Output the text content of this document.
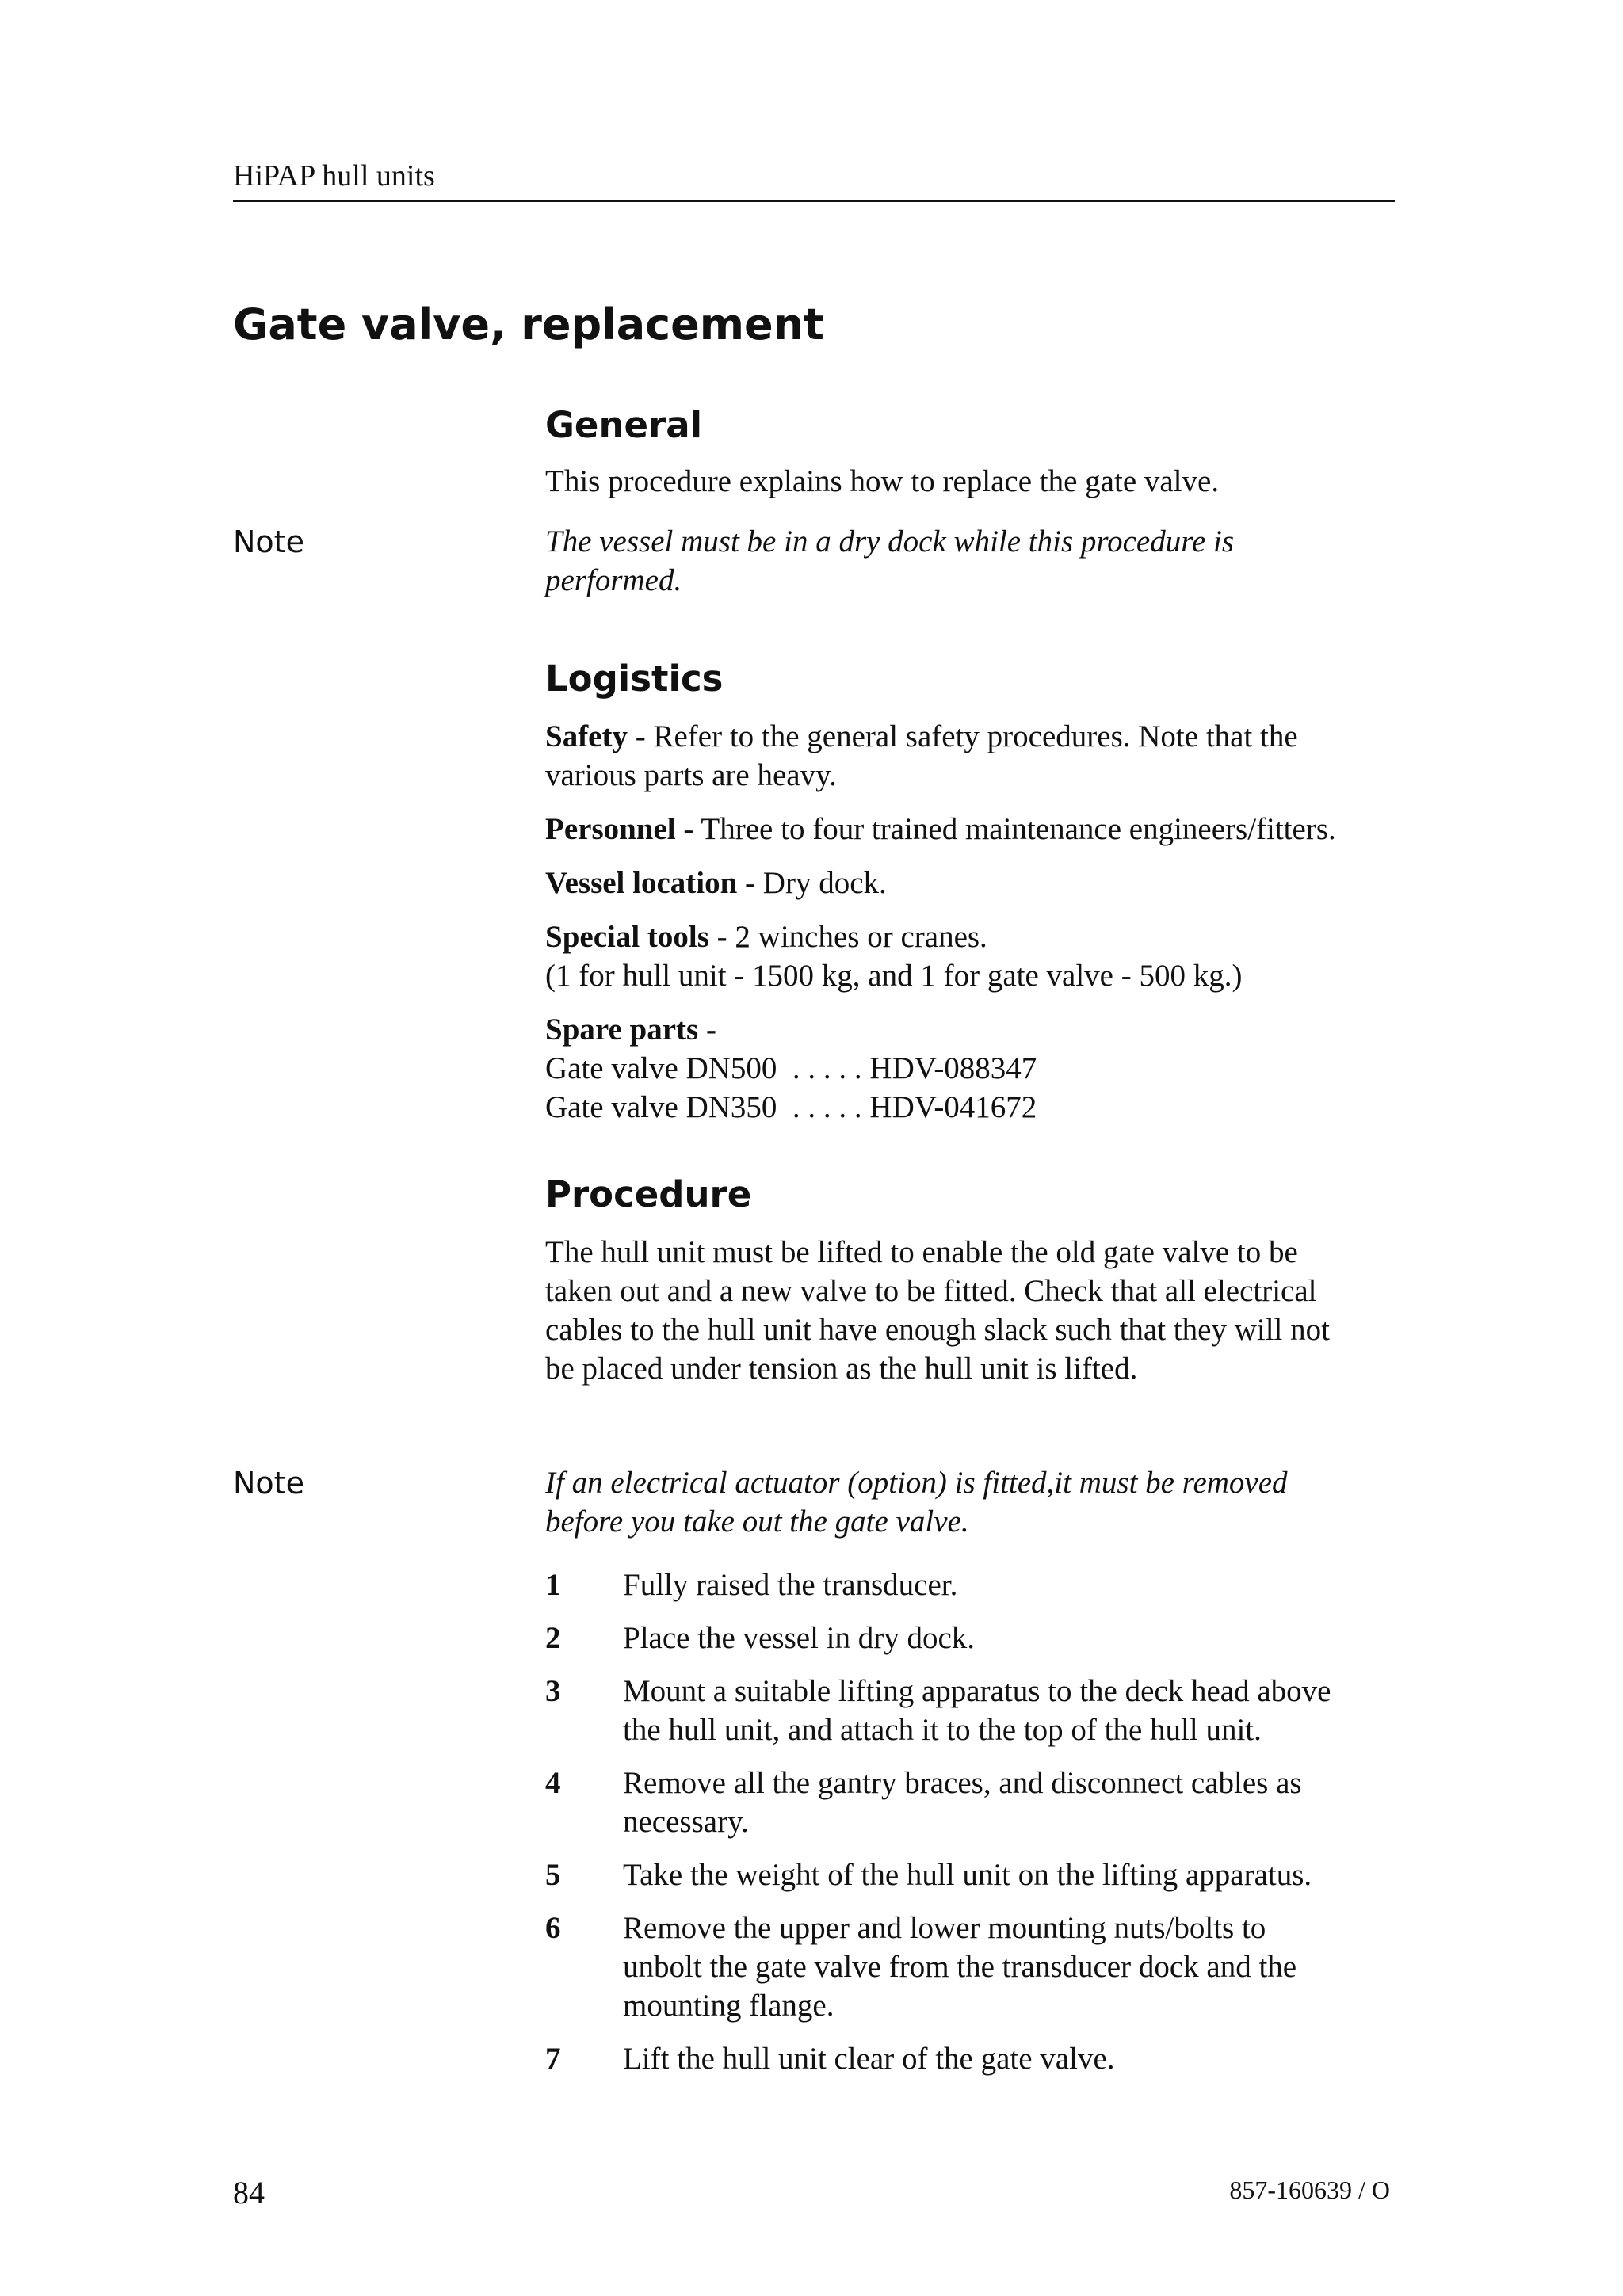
HiPAP hull units
Gate valve, replacement
General

This procedure explains how to replace the gate valve.

Note	The vessel must be in a dry dock while this procedure is
performed.

Logistics

Safety - Refer to the general safety procedures. Note that the
various parts are heavy.

Personnel - Three to four trained maintenance engineers/fitters.

Vessel location - Dry dock.

Special tools - 2 winches or cranes.
(1 for hull unit - 1500 kg, and 1 for gate valve - 500 kg.)

Spare parts -
Gate valve DN500  . . . . . HDV-088347
Gate valve DN350  . . . . . HDV-041672

Procedure

The hull unit must be lifted to enable the old gate valve to be
taken out and a new valve to be fitted. Check that all electrical
cables to the hull unit have enough slack such that they will not
be placed under tension as the hull unit is lifted.

Note	If an electrical actuator (option) is fitted,it must be removed
before you take out the gate valve.

1 Fully raised the transducer.
2 Place the vessel in dry dock.
3 Mount a suitable lifting apparatus to the deck head above
the hull unit, and attach it to the top of the hull unit.
4 Remove all the gantry braces, and disconnect cables as
necessary.
5 Take the weight of the hull unit on the lifting apparatus.
6 Remove the upper and lower mounting nuts/bolts to
unbolt the gate valve from the transducer dock and the
mounting flange.
7 Lift the hull unit clear of the gate valve.
84	857-160639 / O
